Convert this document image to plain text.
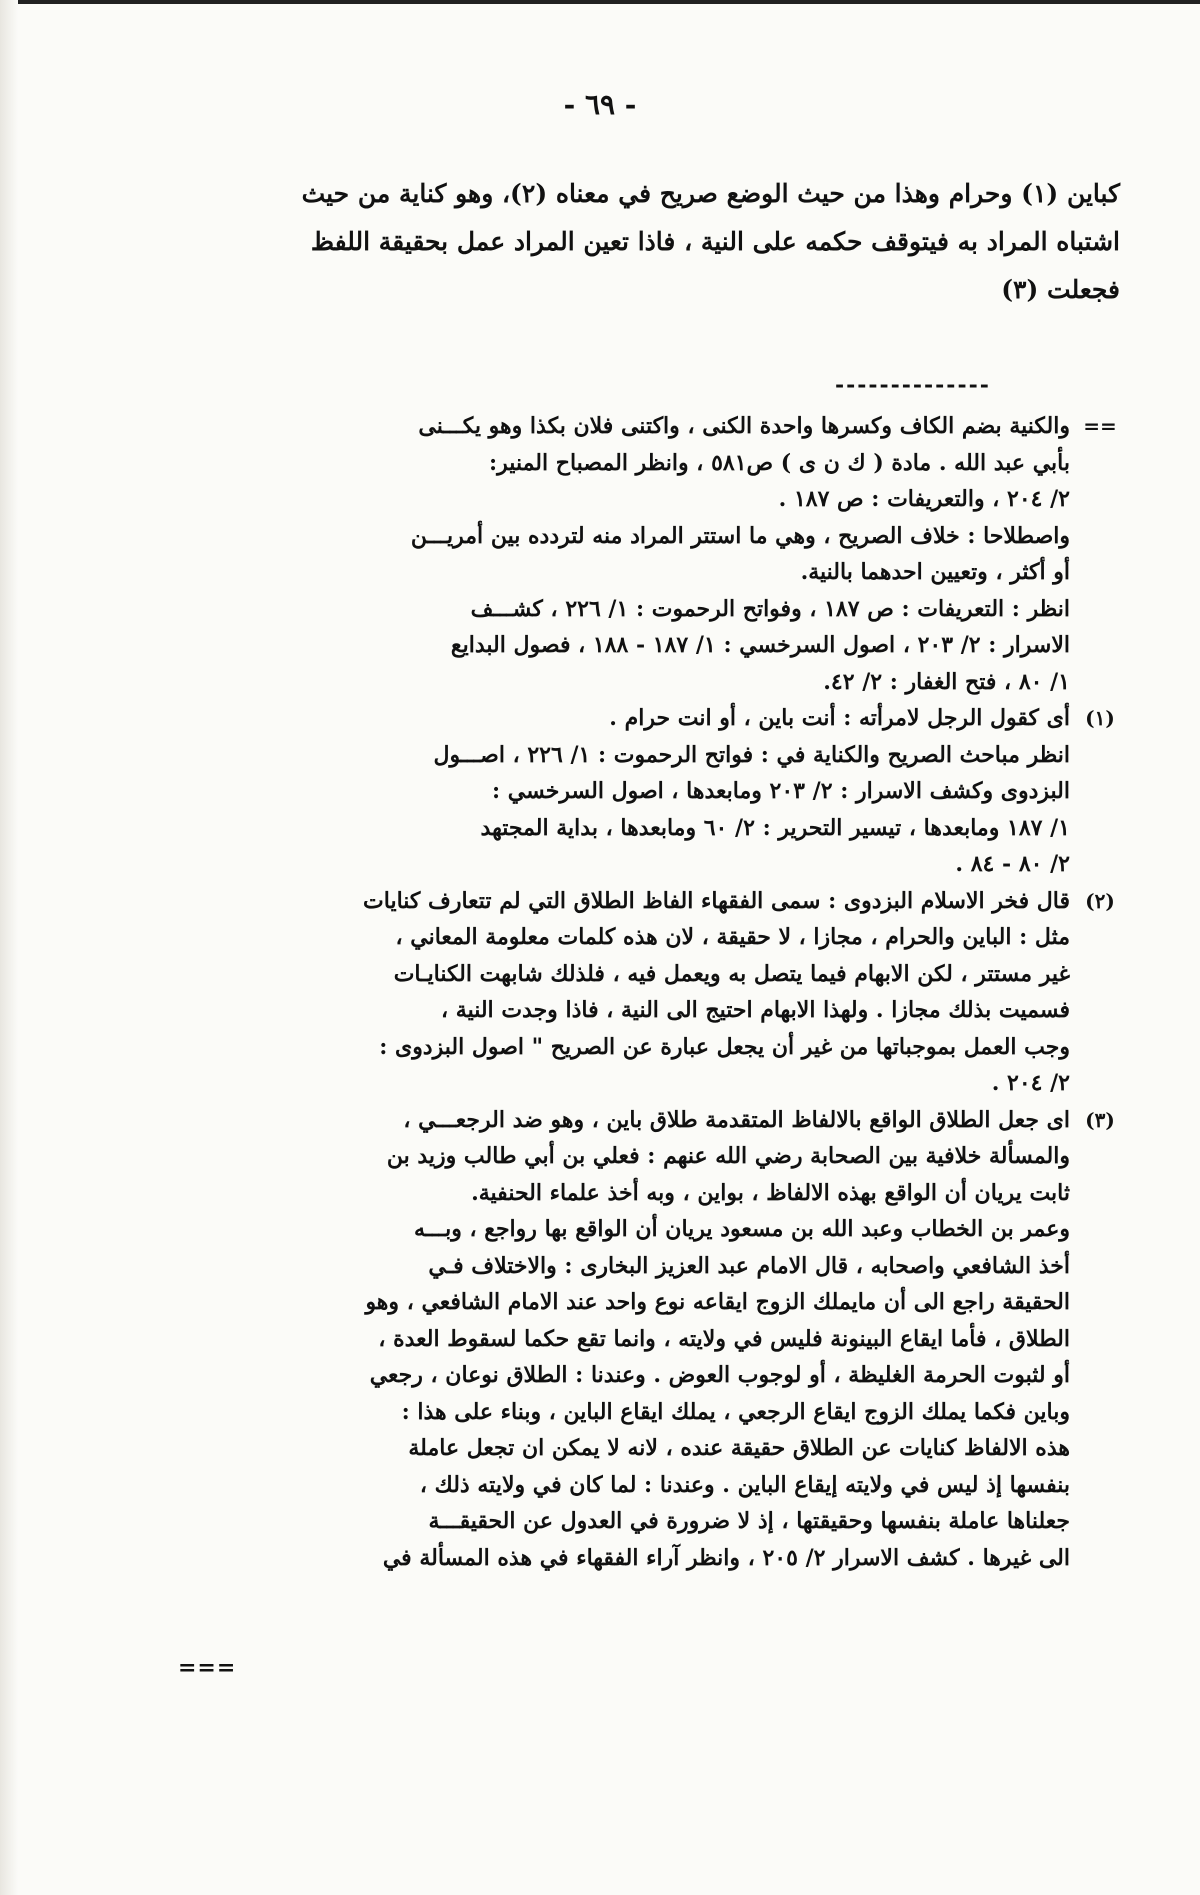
- ٦٩ -

كباين (١) وحرام وهذا من حيث الوضع صريح في معناه (٢)، وهو كناية من حيث

اشتباه المراد به فيتوقف حكمه على النية ، فاذا تعين المراد عمل بحقيقة اللفظ

فجعلت (٣)

--------------
==

والكنية بضم الكاف وكسرها واحدة الكنى ، واكتنى فلان بكذا وهو يكـــنى

بأبي عبد الله . مادة ( ك ن ى ) ص٥٨١ ، وانظر المصباح المنير:

٢/ ٢٠٤ ، والتعريفات : ص ١٨٧ .

واصطلاحا : خلاف الصريح ، وهي ما استتر المراد منه لتردده بين أمريـــن

أو أكثر ، وتعيين احدهما بالنية.

انظر : التعريفات : ص ١٨٧ ، وفواتح الرحموت : ١/ ٢٢٦ ، كشـــف

الاسرار : ٢/ ٢٠٣ ، اصول السرخسي : ١/ ١٨٧ - ١٨٨ ، فصول البدايع

١/ ٨٠ ، فتح الغفار : ٢/ ٤٢.

(١)

أى كقول الرجل لامرأته : أنت باين ، أو انت حرام .

انظر مباحث الصريح والكناية في : فواتح الرحموت : ١/ ٢٢٦ ، اصـــول

البزدوى وكشف الاسرار : ٢/ ٢٠٣ ومابعدها ، اصول السرخسي :

١/ ١٨٧ ومابعدها ، تيسير التحرير : ٢/ ٦٠ ومابعدها ، بداية المجتهد

٢/ ٨٠ - ٨٤ .

(٢)

قال فخر الاسلام البزدوى : سمى الفقهاء الفاظ الطلاق التي لم تتعارف كنايات

مثل : الباين والحرام ، مجازا ، لا حقيقة ، لان هذه كلمات معلومة المعاني ،

غير مستتر ، لكن الابهام فيما يتصل به ويعمل فيه ، فلذلك شابهت الكنايـات

فسميت بذلك مجازا . ولهذا الابهام احتيج الى النية ، فاذا وجدت النية ،

وجب العمل بموجباتها من غير أن يجعل عبارة عن الصريح " اصول البزدوى :

٢/ ٢٠٤ .

(٣)

اى جعل الطلاق الواقع بالالفاظ المتقدمة طلاق باين ، وهو ضد الرجعـــي ،

والمسألة خلافية بين الصحابة رضي الله عنهم : فعلي بن أبي طالب وزيد بن

ثابت يريان أن الواقع بهذه الالفاظ ، بواين ، وبه أخذ علماء الحنفية.

وعمر بن الخطاب وعبد الله بن مسعود يريان أن الواقع بها رواجع ، وبـــه

أخذ الشافعي واصحابه ، قال الامام عبد العزيز البخارى : والاختلاف فـي

الحقيقة راجع الى أن مايملك الزوج ايقاعه نوع واحد عند الامام الشافعي ، وهو

الطلاق ، فأما ايقاع البينونة فليس في ولايته ، وانما تقع حكما لسقوط العدة ،

أو لثبوت الحرمة الغليظة ، أو لوجوب العوض . وعندنا : الطلاق نوعان ، رجعي

وباين فكما يملك الزوج ايقاع الرجعي ، يملك ايقاع الباين ، وبناء على هذا :

هذه الالفاظ كنايات عن الطلاق حقيقة عنده ، لانه لا يمكن ان تجعل عاملة

بنفسها إذ ليس في ولايته إيقاع الباين . وعندنا : لما كان في ولايته ذلك ،

جعلناها عاملة بنفسها وحقيقتها ، إذ لا ضرورة في العدول عن الحقيقـــة

الى غيرها . كشف الاسرار ٢/ ٢٠٥ ، وانظر آراء الفقهاء في هذه المسألة في

===
